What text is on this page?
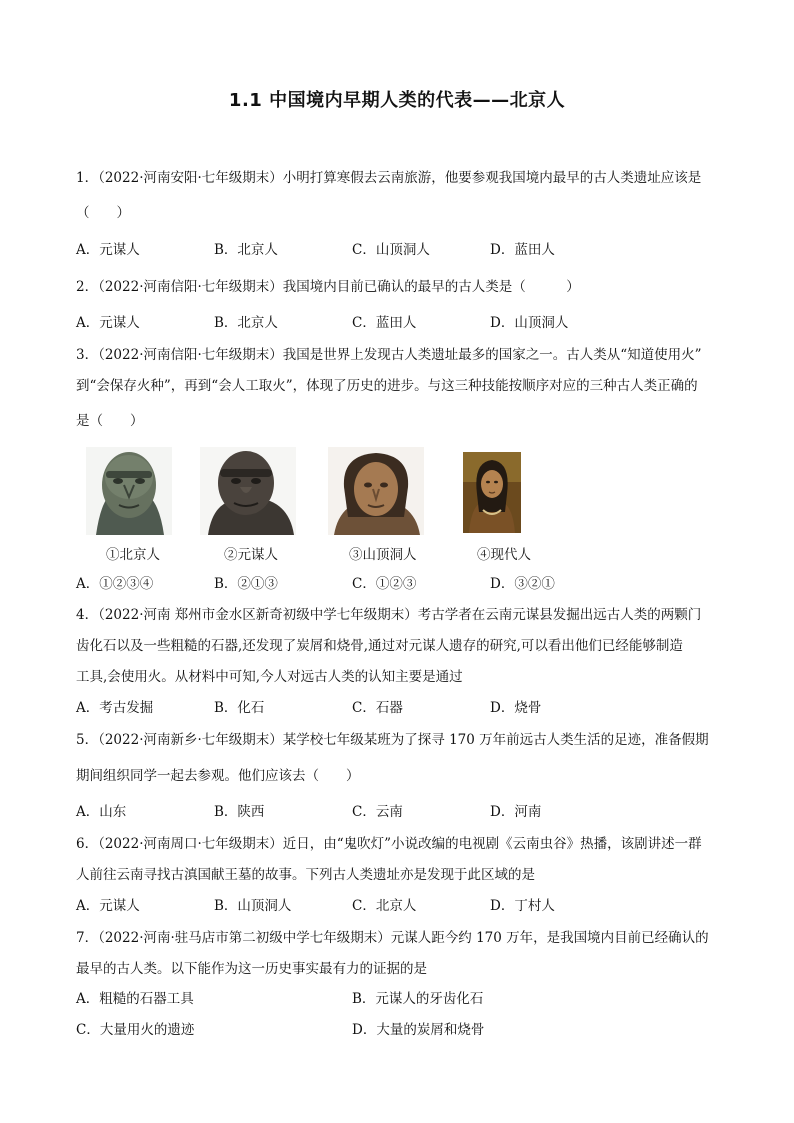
1.1 中国境内早期人类的代表——北京人
1．（2022·河南安阳·七年级期末）小明打算寒假去云南旅游，他要参观我国境内最早的古人类遗址应该是
（　　）
A．元谋人	B．北京人	C．山顶洞人	D．蓝田人
2．（2022·河南信阳·七年级期末）我国境内目前已确认的最早的古人类是（　　　）
A．元谋人	B．北京人	C．蓝田人	D．山顶洞人
3．（2022·河南信阳·七年级期末）我国是世界上发现古人类遗址最多的国家之一。古人类从“知道使用火”
到“会保存火种”，再到“会人工取火”，体现了历史的进步。与这三种技能按顺序对应的三种古人类正确的
是（　　）
①北京人	②元谋人	③山顶洞人	④现代人
A．①②③④	B．②①③	C．①②③	D．③②①
4．（2022·河南 郑州市金水区新奇初级中学七年级期末）考古学者在云南元谋县发掘出远古人类的两颗门
齿化石以及一些粗糙的石器,还发现了炭屑和烧骨,通过对元谋人遗存的研究,可以看出他们已经能够制造
工具,会使用火。从材料中可知,今人对远古人类的认知主要是通过
A．考古发掘	B．化石	C．石器	D．烧骨
5．（2022·河南新乡·七年级期末）某学校七年级某班为了探寻 170 万年前远古人类生活的足迹，准备假期
期间组织同学一起去参观。他们应该去（　　）
A．山东	B．陕西	C．云南	D．河南
6．（2022·河南周口·七年级期末）近日，由“鬼吹灯”小说改编的电视剧《云南虫谷》热播，该剧讲述一群
人前往云南寻找古滇国献王墓的故事。下列古人类遗址亦是发现于此区域的是
A．元谋人	B．山顶洞人	C．北京人	D．丁村人
7．（2022·河南·驻马店市第二初级中学七年级期末）元谋人距今约 170 万年，是我国境内目前已经确认的
最早的古人类。以下能作为这一历史事实最有力的证据的是
A．粗糙的石器工具	B．元谋人的牙齿化石
C．大量用火的遗迹	D．大量的炭屑和烧骨
